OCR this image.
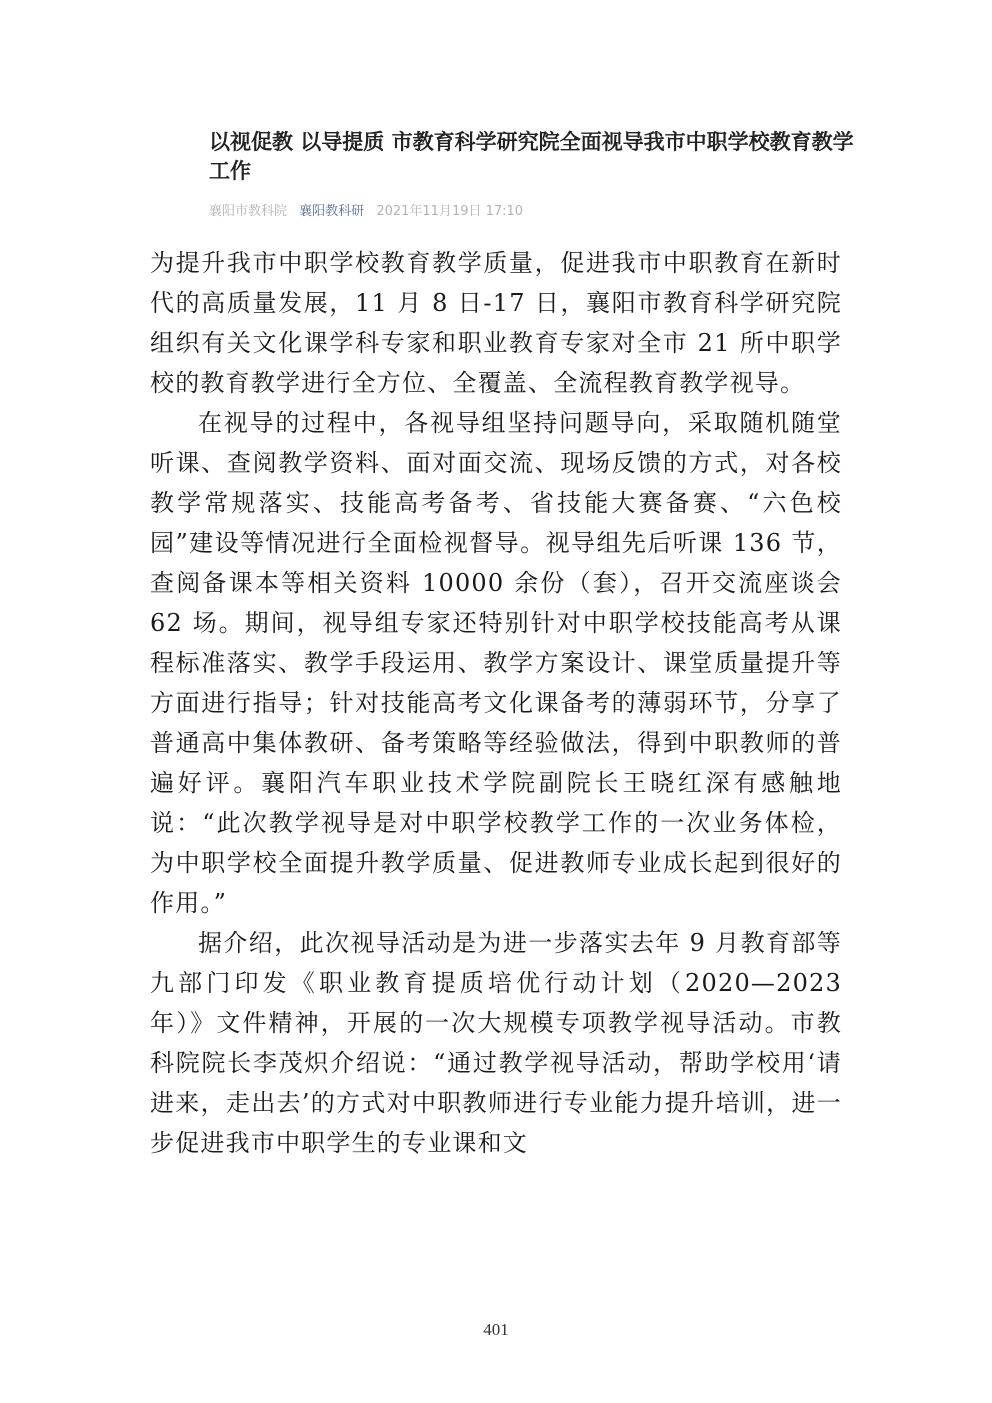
以视促教 以导提质 市教育科学研究院全面视导我市中职学校教育教学工作
襄阳市教科院 襄阳教科研 2021年11月19日 17:10

为提升我市中职学校教育教学质量，促进我市中职教育在新时代的高质量发展，11 月 8 日-17 日，襄阳市教育科学研究院组织有关文化课学科专家和职业教育专家对全市 21 所中职学校的教育教学进行全方位、全覆盖、全流程教育教学视导。

在视导的过程中，各视导组坚持问题导向，采取随机随堂听课、查阅教学资料、面对面交流、现场反馈的方式，对各校教学常规落实、技能高考备考、省技能大赛备赛、“六色校园”建设等情况进行全面检视督导。视导组先后听课 136 节，查阅备课本等相关资料 10000 余份（套），召开交流座谈会 62 场。期间，视导组专家还特别针对中职学校技能高考从课程标准落实、教学手段运用、教学方案设计、课堂质量提升等方面进行指导；针对技能高考文化课备考的薄弱环节，分享了普通高中集体教研、备考策略等经验做法，得到中职教师的普遍好评。襄阳汽车职业技术学院副院长王晓红深有感触地说：“此次教学视导是对中职学校教学工作的一次业务体检，为中职学校全面提升教学质量、促进教师专业成长起到很好的作用。”

据介绍，此次视导活动是为进一步落实去年 9 月教育部等九部门印发《职业教育提质培优行动计划（2020—2023 年）》文件精神，开展的一次大规模专项教学视导活动。市教科院院长李茂炽介绍说：“通过教学视导活动，帮助学校用‘请进来，走出去’的方式对中职教师进行专业能力提升培训，进一步促进我市中职学生的专业课和文

401
